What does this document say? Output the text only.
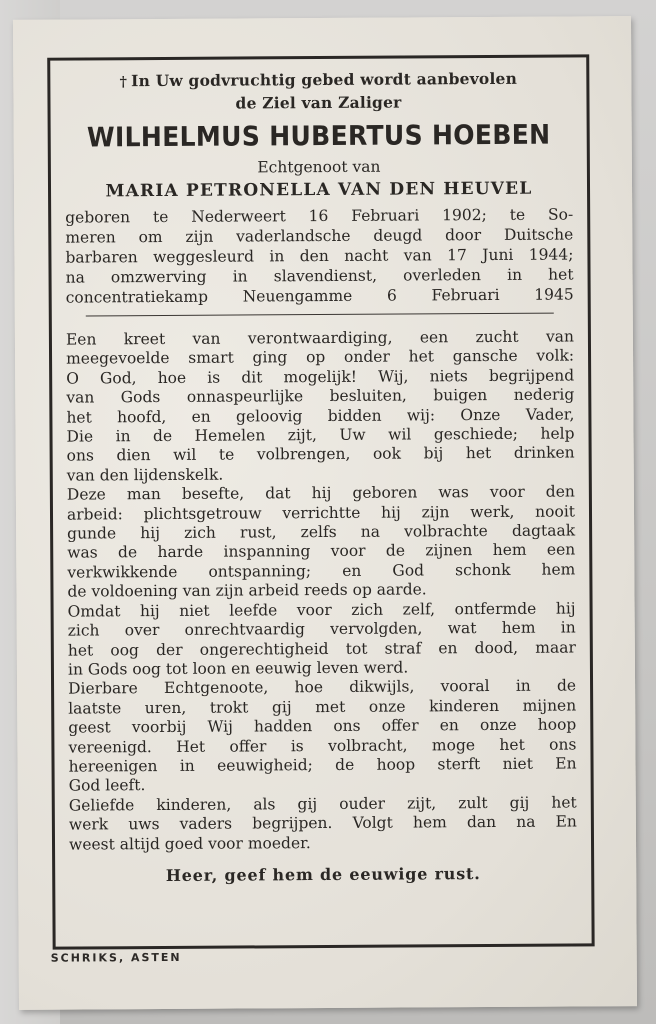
† In Uw godvruchtig gebed wordt aanbevolen
de Ziel van Zaliger
WILHELMUS HUBERTUS HOEBEN
Echtgenoot van
MARIA PETRONELLA VAN DEN HEUVEL
geboren te Nederweert 16 Februari 1902; te So-
meren om zijn vaderlandsche deugd door Duitsche
barbaren weggesleurd in den nacht van 17 Juni 1944;
na omzwerving in slavendienst, overleden in het
concentratiekamp Neuengamme 6 Februari 1945
Een kreet van verontwaardiging, een zucht van
meegevoelde smart ging op onder het gansche volk:
O God, hoe is dit mogelijk! Wij, niets begrijpend
van Gods onnaspeurlijke besluiten, buigen nederig
het hoofd, en geloovig bidden wij: Onze Vader,
Die in de Hemelen zijt, Uw wil geschiede; help
ons dien wil te volbrengen, ook bij het drinken
van den lijdenskelk.
Deze man besefte, dat hij geboren was voor den
arbeid: plichtsgetrouw verrichtte hij zijn werk, nooit
gunde hij zich rust, zelfs na volbrachte dagtaak
was de harde inspanning voor de zijnen hem een
verkwikkende ontspanning; en God schonk hem
de voldoening van zijn arbeid reeds op aarde.
Omdat hij niet leefde voor zich zelf, ontfermde hij
zich over onrechtvaardig vervolgden, wat hem in
het oog der ongerechtigheid tot straf en dood, maar
in Gods oog tot loon en eeuwig leven werd.
Dierbare Echtgenoote, hoe dikwijls, vooral in de
laatste uren, trokt gij met onze kinderen mijnen
geest voorbij Wij hadden ons offer en onze hoop
vereenigd. Het offer is volbracht, moge het ons
hereenigen in eeuwigheid; de hoop sterft niet En
God leeft.
Geliefde kinderen, als gij ouder zijt, zult gij het
werk uws vaders begrijpen. Volgt hem dan na En
weest altijd goed voor moeder.
Heer, geef hem de eeuwige rust.
SCHRIKS, ASTEN
